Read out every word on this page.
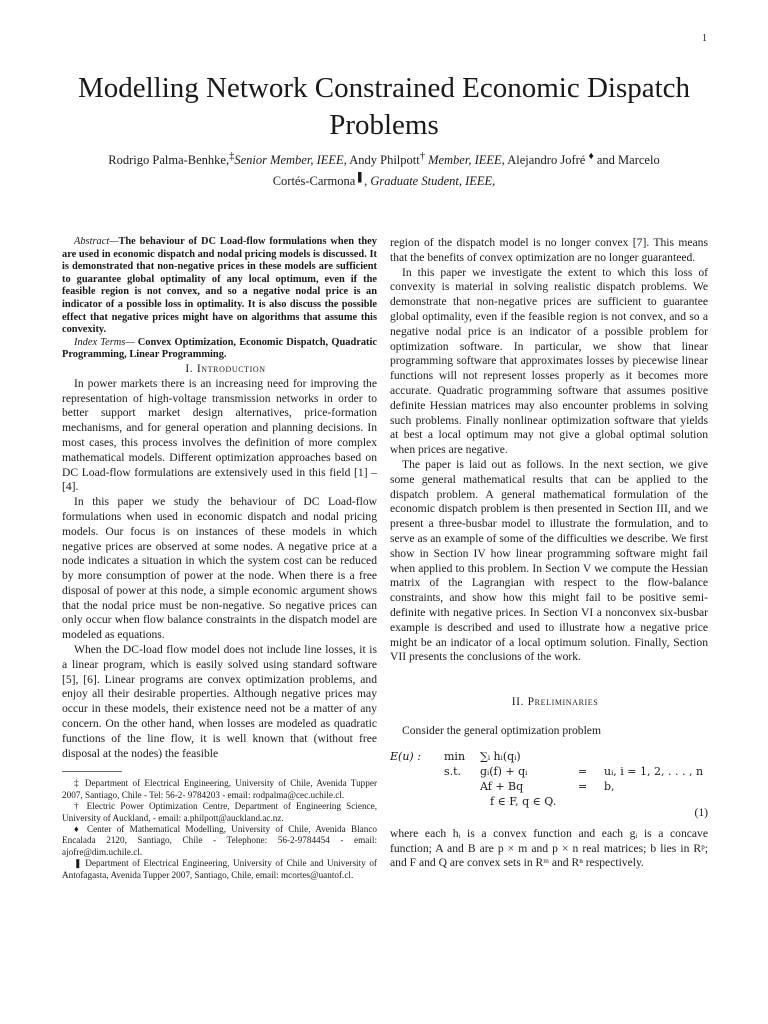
1
Modelling Network Constrained Economic Dispatch Problems
Rodrigo Palma-Benhke,‡Senior Member, IEEE, Andy Philpott† Member, IEEE, Alejandro Jofré ♦ and Marcelo
Cortés-Carmona❚, Graduate Student, IEEE,

Abstract—The behaviour of DC Load-flow formulations when they are used in economic dispatch and nodal pricing models is discussed. It is demonstrated that non-negative prices in these models are sufficient to guarantee global optimality of any local optimum, even if the feasible region is not convex, and so a negative nodal price is an indicator of a possible loss in optimality. It is also discuss the possible effect that negative prices might have on algorithms that assume this convexity.

Index Terms— Convex Optimization, Economic Dispatch, Quadratic Programming, Linear Programming.

I. Introduction

In power markets there is an increasing need for improving the representation of high-voltage transmission networks in order to better support market design alternatives, price-formation mechanisms, and for general operation and planning decisions. In most cases, this process involves the definition of more complex mathematical models. Different optimization approaches based on DC Load-flow formulations are extensively used in this field [1] –[4].

In this paper we study the behaviour of DC Load-flow formulations when used in economic dispatch and nodal pricing models. Our focus is on instances of these models in which negative prices are observed at some nodes. A negative price at a node indicates a situation in which the system cost can be reduced by more consumption of power at the node. When there is a free disposal of power at this node, a simple economic argument shows that the nodal price must be non-negative. So negative prices can only occur when flow balance constraints in the dispatch model are modeled as equations.

When the DC-load flow model does not include line losses, it is a linear program, which is easily solved using standard software [5], [6]. Linear programs are convex optimization problems, and enjoy all their desirable properties. Although negative prices may occur in these models, their existence need not be a matter of any concern. On the other hand, when losses are modeled as quadratic functions of the line flow, it is well known that (without free disposal at the nodes) the feasible

‡ Department of Electrical Engineering, University of Chile, Avenida Tupper 2007, Santiago, Chile - Tel: 56-2- 9784203 - email: rodpalma@cec.uchile.cl.

† Electric Power Optimization Centre, Department of Engineering Science, University of Auckland, - email: a.philpott@auckland.ac.nz.

♦ Center of Mathematical Modelling, University of Chile, Avenida Blanco Encalada 2120, Santiago, Chile - Telephone: 56-2-9784454 - email: ajofre@dim.uchile.cl.

❚ Department of Electrical Engineering, University of Chile and University of Antofagasta, Avenida Tupper 2007, Santiago, Chile, email: mcortes@uantof.cl.

region of the dispatch model is no longer convex [7]. This means that the benefits of convex optimization are no longer guaranteed.

In this paper we investigate the extent to which this loss of convexity is material in solving realistic dispatch problems. We demonstrate that non-negative prices are sufficient to guarantee global optimality, even if the feasible region is not convex, and so a negative nodal price is an indicator of a possible problem for optimization software. In particular, we show that linear programming software that approximates losses by piecewise linear functions will not represent losses properly as it becomes more accurate. Quadratic programming software that assumes positive definite Hessian matrices may also encounter problems in solving such problems. Finally nonlinear optimization software that yields at best a local optimum may not give a global optimal solution when prices are negative.

The paper is laid out as follows. In the next section, we give some general mathematical results that can be applied to the dispatch problem. A general mathematical formulation of the economic dispatch problem is then presented in Section III, and we present a three-busbar model to illustrate the formulation, and to serve as an example of some of the difficulties we describe. We first show in Section IV how linear programming software might fail when applied to this problem. In Section V we compute the Hessian matrix of the Lagrangian with respect to the flow-balance constraints, and show how this might fail to be positive semi-definite with negative prices. In Section VI a nonconvex six-busbar example is described and used to illustrate how a negative price might be an indicator of a local optimum solution. Finally, Section VII presents the conclusions of the work.

II. Preliminaries

Consider the general optimization problem

E(u) : min ∑ᵢ hᵢ(qᵢ)
s.t. gᵢ(f) + qᵢ	= uᵢ, i = 1, 2, . . . , n
Af + Bq	= b,
f ∈ F, q ∈ Q.
(1)

where each hᵢ is a convex function and each gᵢ is a concave function; A and B are p × m and p × n real matrices; b lies in Rᵖ; and F and Q are convex sets in Rᵐ and Rⁿ respectively.
